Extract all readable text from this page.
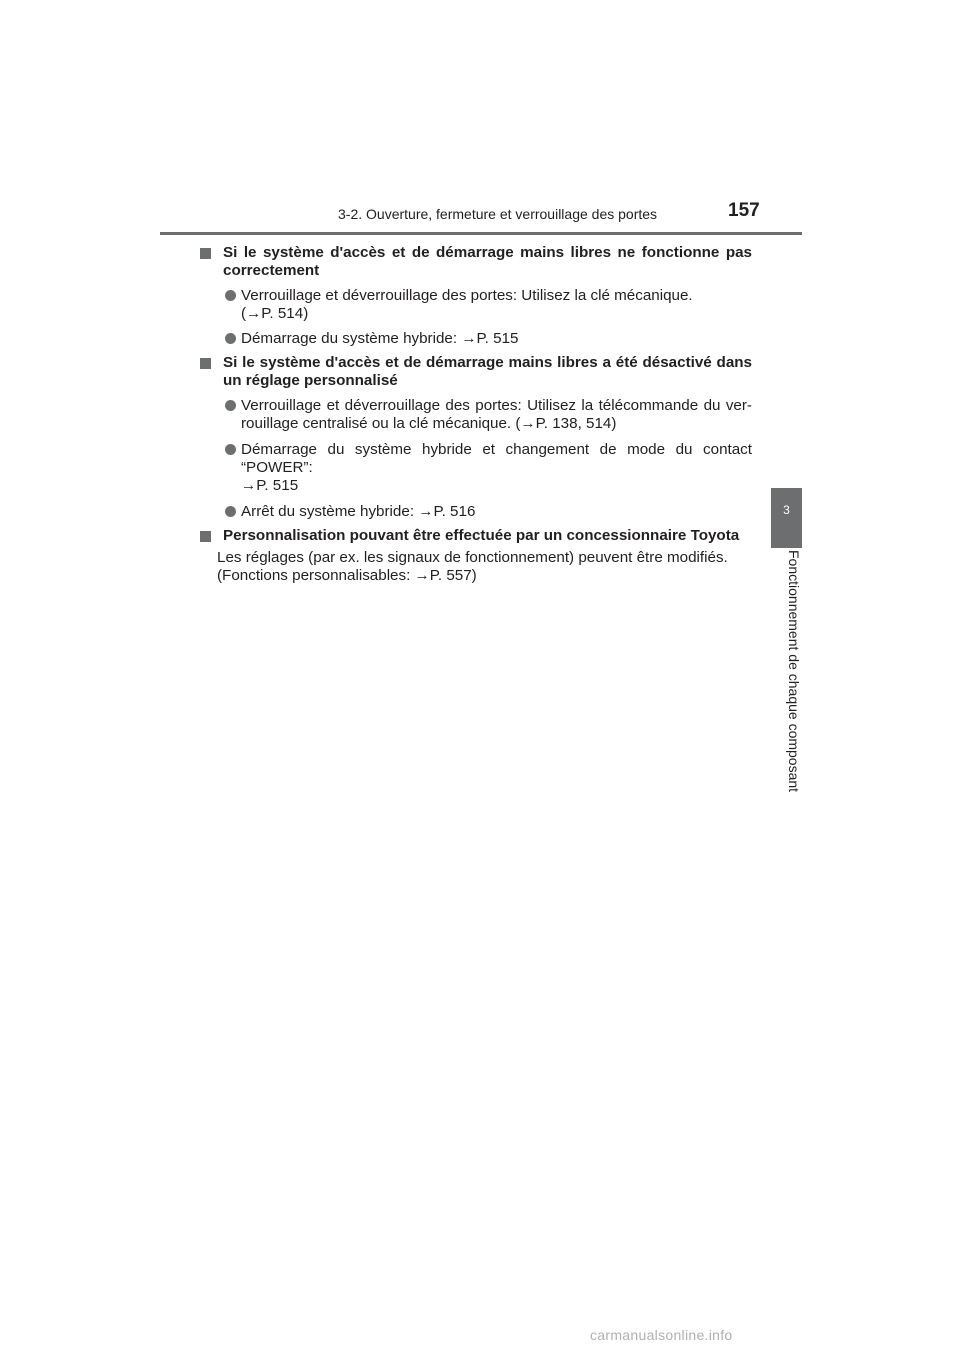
3-2. Ouverture, fermeture et verrouillage des portes	157
3
Fonctionnement de chaque composant
Si le système d'accès et de démarrage mains libres ne fonctionne pas
correctement
Verrouillage et déverrouillage des portes: Utilisez la clé mécanique.
(→P. 514)
Démarrage du système hybride: →P. 515
Si le système d'accès et de démarrage mains libres a été désactivé dans
un réglage personnalisé
Verrouillage et déverrouillage des portes: Utilisez la télécommande du ver-
rouillage centralisé ou la clé mécanique. (→P. 138, 514)
Démarrage du système hybride et changement de mode du contact
“POWER”:
→P. 515
Arrêt du système hybride: →P. 516
Personnalisation pouvant être effectuée par un concessionnaire Toyota
Les réglages (par ex. les signaux de fonctionnement) peuvent être modifiés.
(Fonctions personnalisables: →P. 557)
carmanualsonline.info
